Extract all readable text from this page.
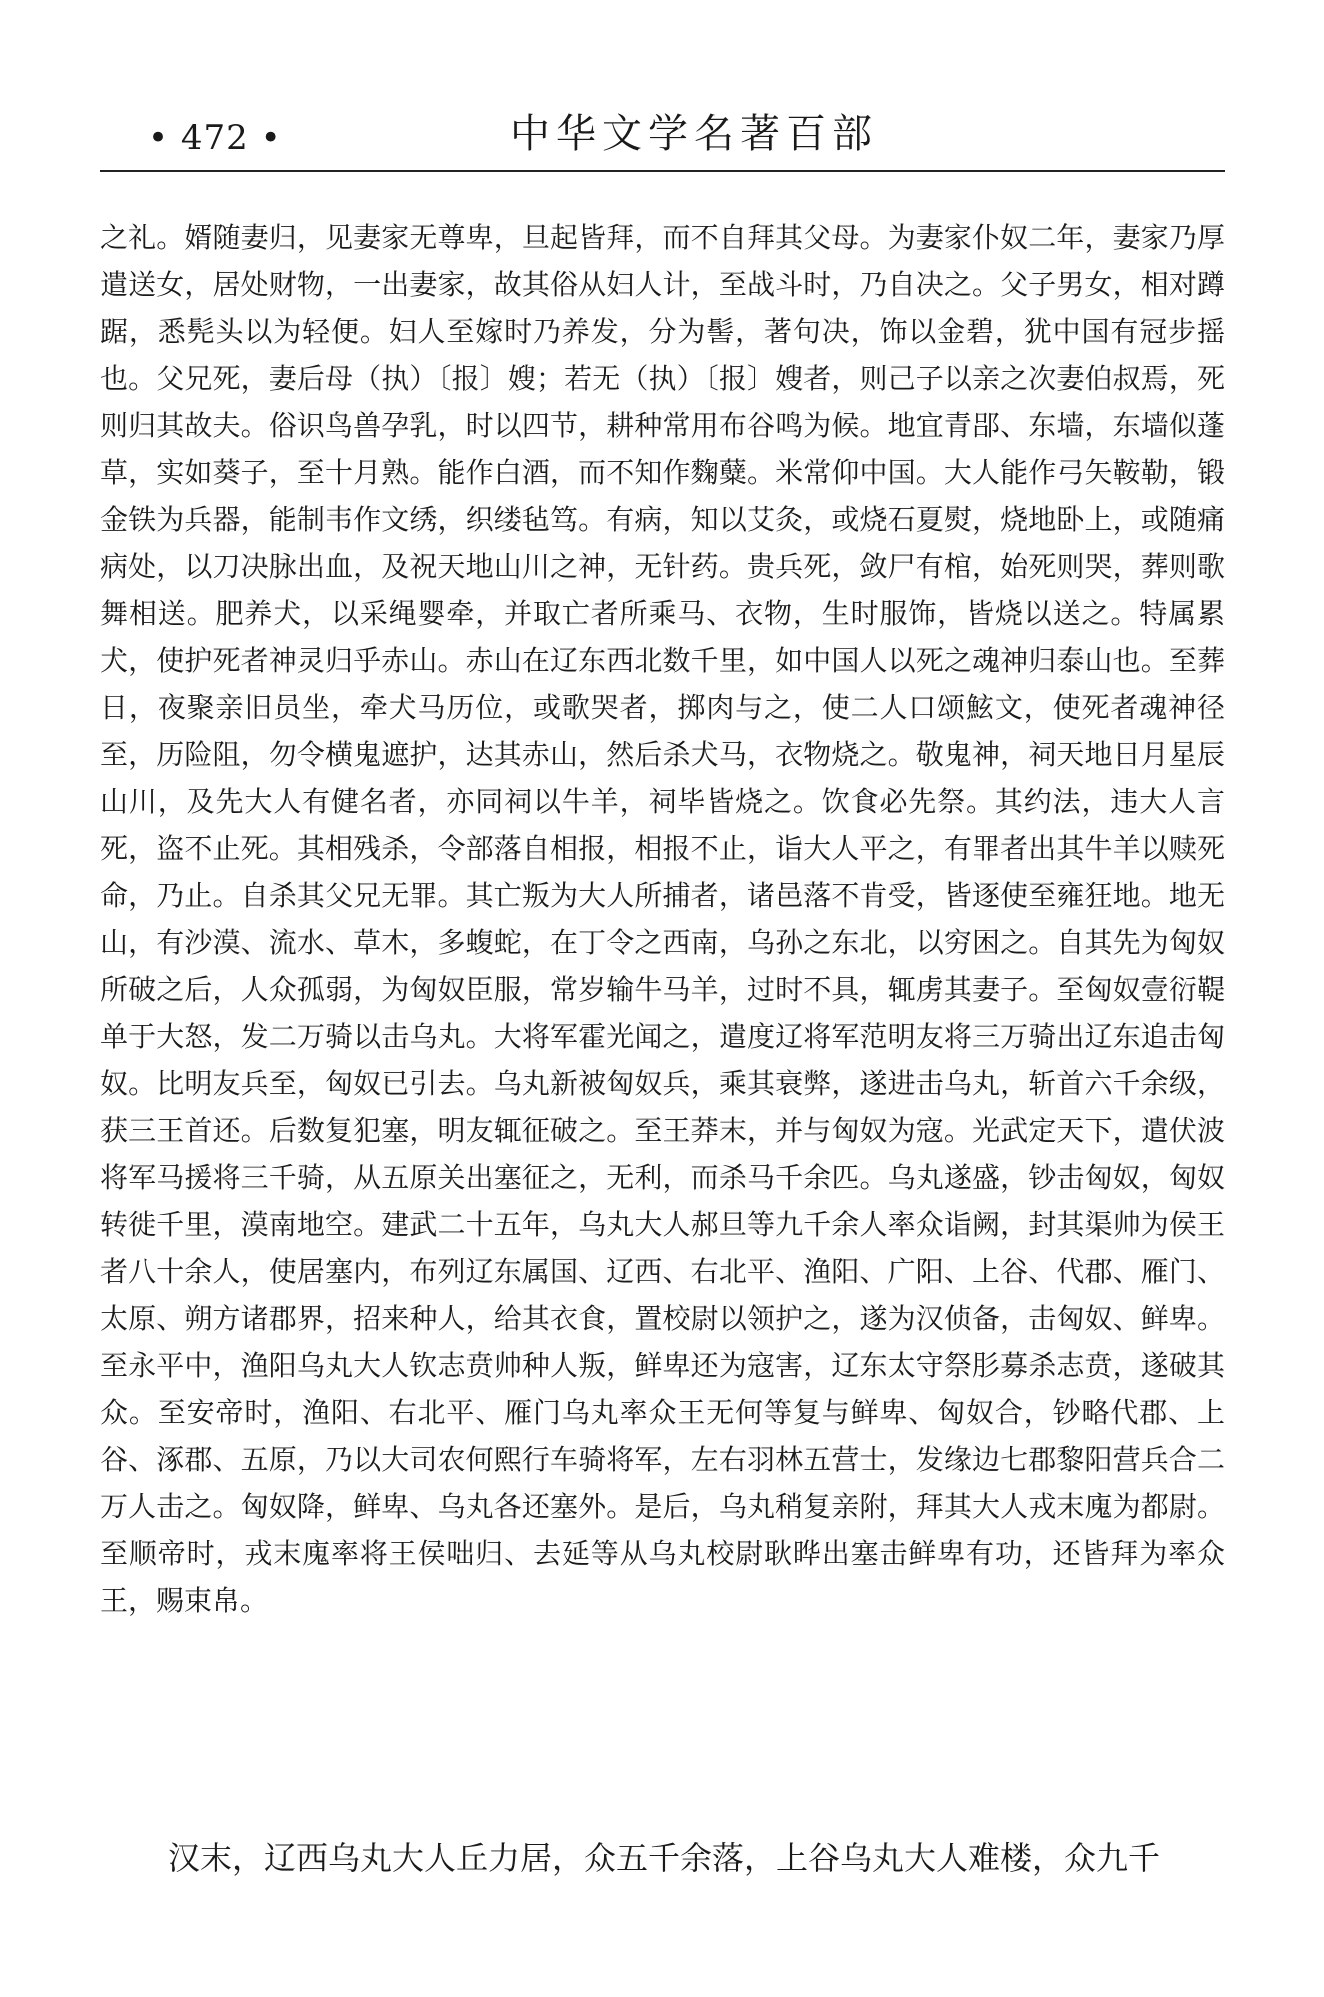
• 472 •	中华文学名著百部

之礼。婿随妻归，见妻家无尊卑，旦起皆拜，而不自拜其父母。为妻家仆奴二年，妻家乃厚遣送女，居处财物，一出妻家，故其俗从妇人计，至战斗时，乃自决之。父子男女，相对蹲踞，悉髡头以为轻便。妇人至嫁时乃养发，分为髻，著句决，饰以金碧，犹中国有冠步摇也。父兄死，妻后母（执）〔报〕嫂；若无（执）〔报〕嫂者，则己子以亲之次妻伯叔焉，死则归其故夫。俗识鸟兽孕乳，时以四节，耕种常用布谷鸣为候。地宜青郘、东墙，东墙似蓬草，实如葵子，至十月熟。能作白酒，而不知作麴糵。米常仰中国。大人能作弓矢鞍勒，锻金铁为兵器，能制韦作文绣，织缕毡笃。有病，知以艾灸，或烧石夏熨，烧地卧上，或随痛病处，以刀决脉出血，及祝天地山川之神，无针药。贵兵死，敛尸有棺，始死则哭，葬则歌舞相送。肥养犬，以采绳婴牵，并取亡者所乘马、衣物，生时服饰，皆烧以送之。特属累犬，使护死者神灵归乎赤山。赤山在辽东西北数千里，如中国人以死之魂神归泰山也。至葬日，夜聚亲旧员坐，牵犬马历位，或歌哭者，掷肉与之，使二人口颂鮌文，使死者魂神径至，历险阻，勿令横鬼遮护，达其赤山，然后杀犬马，衣物烧之。敬鬼神，祠天地日月星辰山川，及先大人有健名者，亦同祠以牛羊，祠毕皆烧之。饮食必先祭。其约法，违大人言死，盗不止死。其相残杀，令部落自相报，相报不止，诣大人平之，有罪者出其牛羊以赎死命，乃止。自杀其父兄无罪。其亡叛为大人所捕者，诸邑落不肯受，皆逐使至雍狂地。地无山，有沙漠、流水、草木，多蝮蛇，在丁令之西南，乌孙之东北，以穷困之。自其先为匈奴所破之后，人众孤弱，为匈奴臣服，常岁输牛马羊，过时不具，辄虏其妻子。至匈奴壹衍鞮单于大怒，发二万骑以击乌丸。大将军霍光闻之，遣度辽将军范明友将三万骑出辽东追击匈奴。比明友兵至，匈奴已引去。乌丸新被匈奴兵，乘其衰弊，遂进击乌丸，斩首六千余级，获三王首还。后数复犯塞，明友辄征破之。至王莽末，并与匈奴为寇。光武定天下，遣伏波将军马援将三千骑，从五原关出塞征之，无利，而杀马千余匹。乌丸遂盛，钞击匈奴，匈奴转徙千里，漠南地空。建武二十五年，乌丸大人郝旦等九千余人率众诣阙，封其渠帅为侯王者八十余人，使居塞内，布列辽东属国、辽西、右北平、渔阳、广阳、上谷、代郡、雁门、太原、朔方诸郡界，招来种人，给其衣食，置校尉以领护之，遂为汉侦备，击匈奴、鲜卑。至永平中，渔阳乌丸大人钦志贲帅种人叛，鲜卑还为寇害，辽东太守祭肜募杀志贲，遂破其众。至安帝时，渔阳、右北平、雁门乌丸率众王无何等复与鲜卑、匈奴合，钞略代郡、上谷、涿郡、五原，乃以大司农何熙行车骑将军，左右羽林五营士，发缘边七郡黎阳营兵合二万人击之。匈奴降，鲜卑、乌丸各还塞外。是后，乌丸稍复亲附，拜其大人戎末廆为都尉。至顺帝时，戎末廆率将王侯咄归、去延等从乌丸校尉耿晔出塞击鲜卑有功，还皆拜为率众王，赐束帛。

汉末，辽西乌丸大人丘力居，众五千余落，上谷乌丸大人难楼，众九千
